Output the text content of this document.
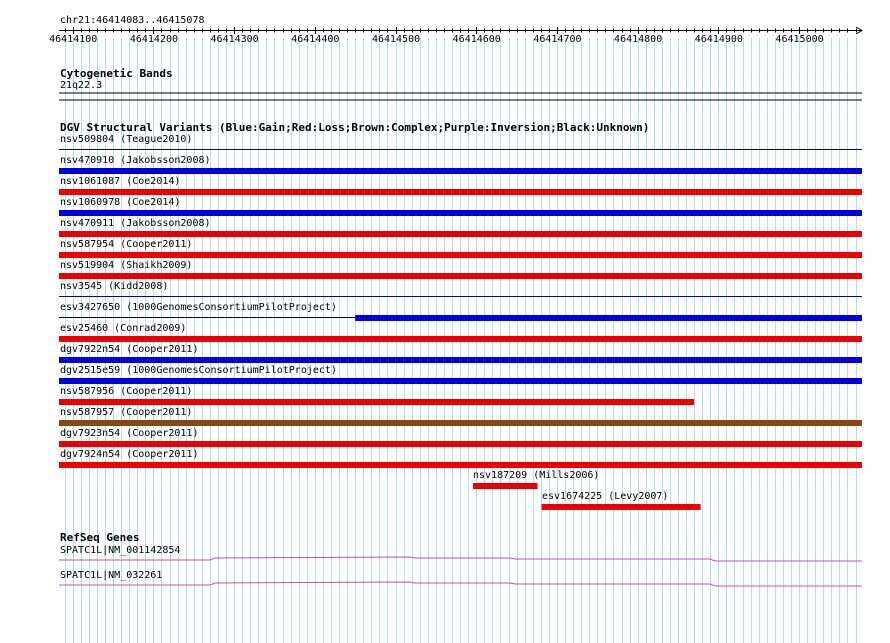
chr21:46414083..46415078
46414100	46414200	46414300	46414400	46414500	46414600	46414700	46414800	46414900	46415000
Cytogenetic Bands
21q22.3
DGV Structural Variants (Blue:Gain;Red:Loss;Brown:Complex;Purple:Inversion;Black:Unknown)
nsv509804 (Teague2010)
nsv470910 (Jakobsson2008)
nsv1061087 (Coe2014)
nsv1060978 (Coe2014)
nsv470911 (Jakobsson2008)
nsv587954 (Cooper2011)
nsv519904 (Shaikh2009)
nsv3545 (Kidd2008)
esv3427650 (1000GenomesConsortiumPilotProject)
esv25460 (Conrad2009)
dgv7922n54 (Cooper2011)
dgv2515e59 (1000GenomesConsortiumPilotProject)
nsv587956 (Cooper2011)
nsv587957 (Cooper2011)
dgv7923n54 (Cooper2011)
dgv7924n54 (Cooper2011)
nsv187209 (Mills2006)
esv1674225 (Levy2007)
RefSeq Genes
SPATC1L|NM_001142854
SPATC1L|NM_032261
